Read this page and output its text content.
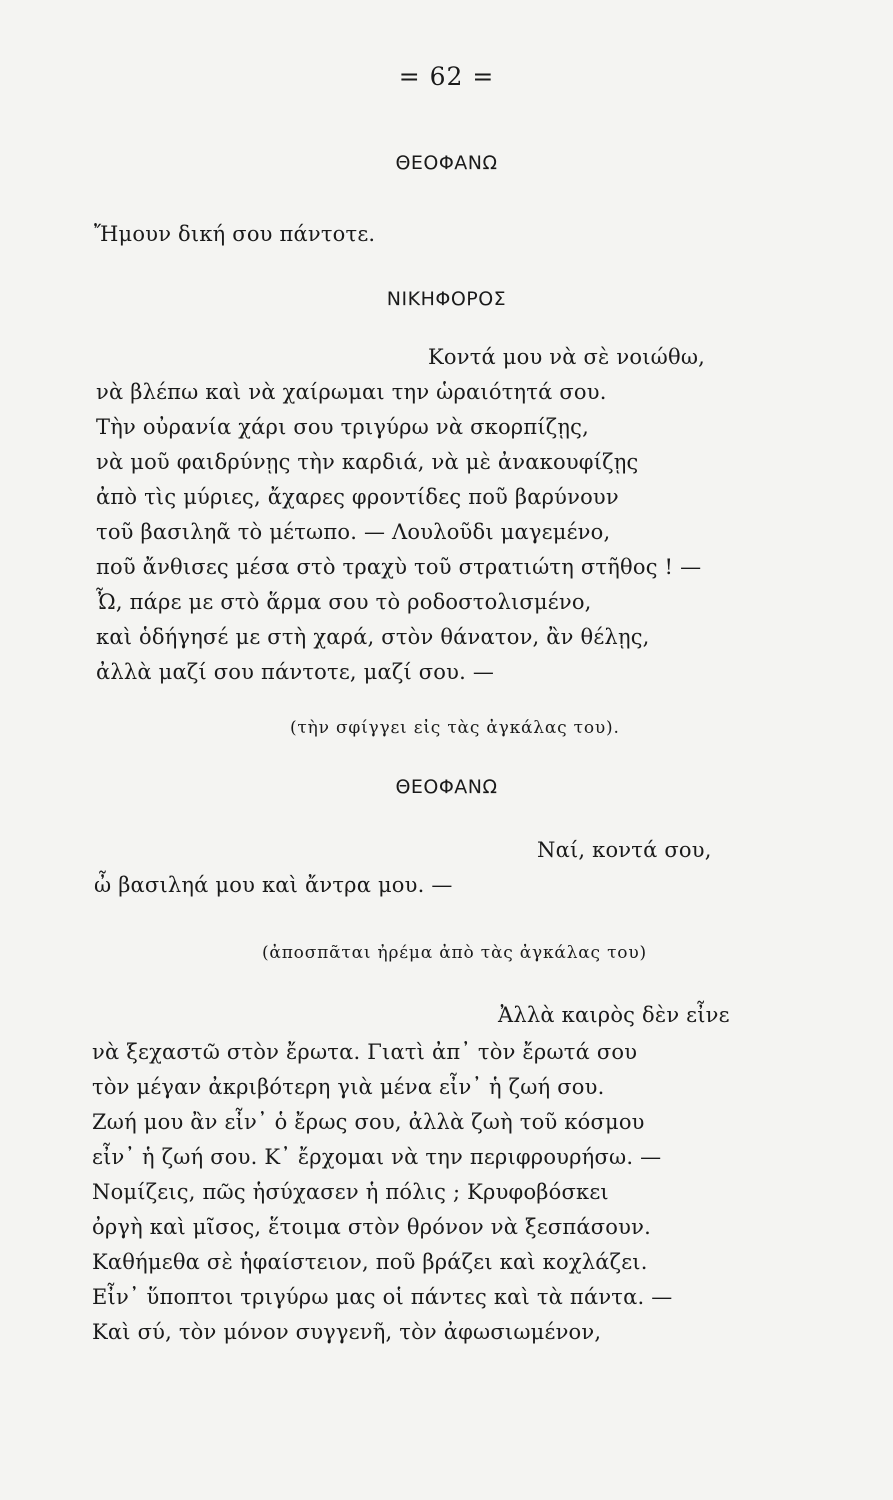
= 62 =
ΘΕΟΦΑΝΩ
Ἤμουν δική σου πάντοτε.
ΝΙΚΗΦΟΡΟΣ
Κοντά μου νὰ σὲ νοιώθω,
νὰ βλέπω καὶ νὰ χαίρωμαι την ὡραιότητά σου.
Τὴν οὐρανία χάρι σου τριγύρω νὰ σκορπίζῃς,
νὰ μοῦ φαιδρύνῃς τὴν καρδιά, νὰ μὲ ἀνακουφίζῃς
ἀπὸ τὶς μύριες, ἄχαρες φροντίδες ποῦ βαρύνουν
τοῦ βασιληᾶ τὸ μέτωπο. — Λουλοῦδι μαγεμένο,
ποῦ ἄνθισες μέσα στὸ τραχὺ τοῦ στρατιώτη στῆθος ! —
Ὦ, πάρε με στὸ ἅρμα σου τὸ ροδοστολισμένο,
καὶ ὁδήγησέ με στὴ χαρά, στὸν θάνατον, ἂν θέλῃς,
ἀλλὰ μαζί σου πάντοτε, μαζί σου. —
(τὴν σφίγγει εἰς τὰς ἀγκάλας του).
ΘΕΟΦΑΝΩ
Ναί, κοντά σου,
ὦ βασιληά μου καὶ ἄντρα μου. —
(ἀποσπᾶται ἠρέμα ἀπὸ τὰς ἀγκάλας του)
Ἀλλὰ καιρὸς δὲν εἶνε
νὰ ξεχαστῶ στὸν ἔρωτα. Γιατὶ ἀπ᾽ τὸν ἔρωτά σου
τὸν μέγαν ἀκριβότερη γιὰ μένα εἶν᾽ ἡ ζωή σου.
Ζωή μου ἂν εἶν᾽ ὁ ἔρως σου, ἀλλὰ ζωὴ τοῦ κόσμου
εἶν᾽ ἡ ζωή σου. Κ᾽ ἔρχομαι νὰ την περιφρουρήσω. —
Νομίζεις, πῶς ἡσύχασεν ἡ πόλις ; Κρυφοβόσκει
ὀργὴ καὶ μῖσος, ἕτοιμα στὸν θρόνον νὰ ξεσπάσουν.
Καθήμεθα σὲ ἡφαίστειον, ποῦ βράζει καὶ κοχλάζει.
Εἶν᾽ ὕποπτοι τριγύρω μας οἱ πάντες καὶ τὰ πάντα. —
Καὶ σύ, τὸν μόνον συγγενῆ, τὸν ἀφωσιωμένον,
